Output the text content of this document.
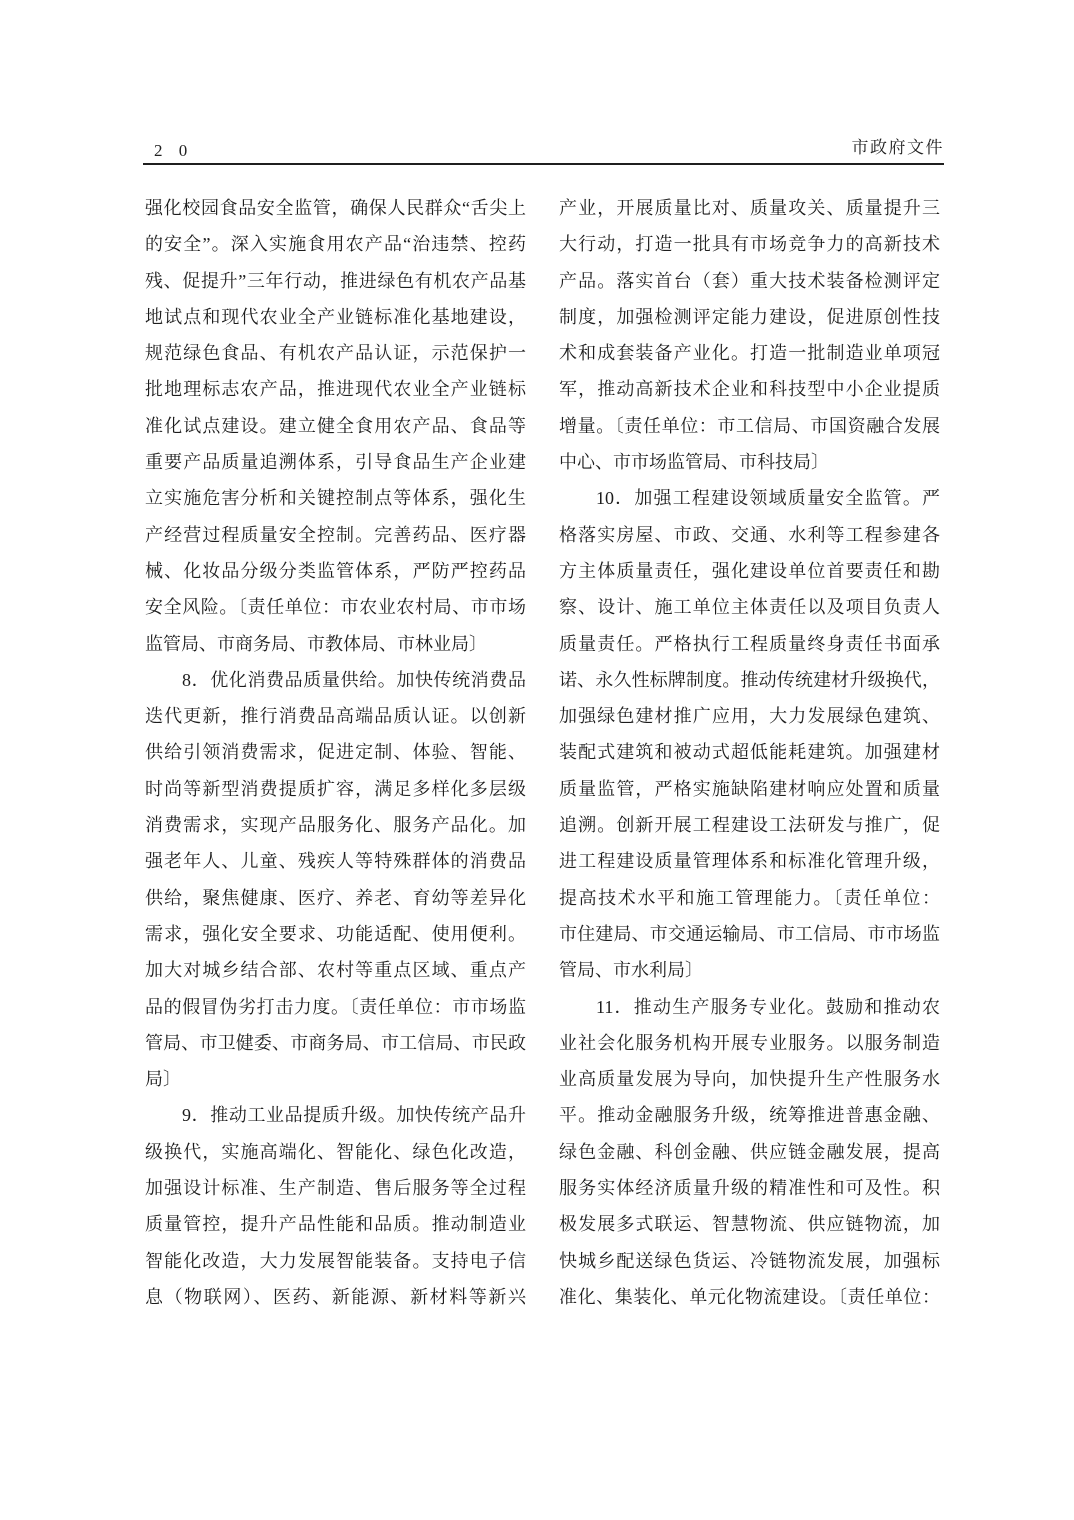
2 0	市政府文件
强化校园食品安全监管，确保人民群众“舌尖上
的安全”。深入实施食用农产品“治违禁、控药
残、促提升”三年行动，推进绿色有机农产品基
地试点和现代农业全产业链标准化基地建设，
规范绿色食品、有机农产品认证，示范保护一
批地理标志农产品，推进现代农业全产业链标
准化试点建设。建立健全食用农产品、食品等
重要产品质量追溯体系，引导食品生产企业建
立实施危害分析和关键控制点等体系，强化生
产经营过程质量安全控制。完善药品、医疗器
械、化妆品分级分类监管体系，严防严控药品
安全风险。〔责任单位：市农业农村局、市市场
监管局、市商务局、市教体局、市林业局〕
8．优化消费品质量供给。加快传统消费品
迭代更新，推行消费品高端品质认证。以创新
供给引领消费需求，促进定制、体验、智能、
时尚等新型消费提质扩容，满足多样化多层级
消费需求，实现产品服务化、服务产品化。加
强老年人、儿童、残疾人等特殊群体的消费品
供给，聚焦健康、医疗、养老、育幼等差异化
需求，强化安全要求、功能适配、使用便利。
加大对城乡结合部、农村等重点区域、重点产
品的假冒伪劣打击力度。〔责任单位：市市场监
管局、市卫健委、市商务局、市工信局、市民政
局〕
9．推动工业品提质升级。加快传统产品升
级换代，实施高端化、智能化、绿色化改造，
加强设计标准、生产制造、售后服务等全过程
质量管控，提升产品性能和品质。推动制造业
智能化改造，大力发展智能装备。支持电子信
息（物联网）、医药、新能源、新材料等新兴
产业，开展质量比对、质量攻关、质量提升三
大行动，打造一批具有市场竞争力的高新技术
产品。落实首台（套）重大技术装备检测评定
制度，加强检测评定能力建设，促进原创性技
术和成套装备产业化。打造一批制造业单项冠
军，推动高新技术企业和科技型中小企业提质
增量。〔责任单位：市工信局、市国资融合发展
中心、市市场监管局、市科技局〕
10．加强工程建设领域质量安全监管。严
格落实房屋、市政、交通、水利等工程参建各
方主体质量责任，强化建设单位首要责任和勘
察、设计、施工单位主体责任以及项目负责人
质量责任。严格执行工程质量终身责任书面承
诺、永久性标牌制度。推动传统建材升级换代，
加强绿色建材推广应用，大力发展绿色建筑、
装配式建筑和被动式超低能耗建筑。加强建材
质量监管，严格实施缺陷建材响应处置和质量
追溯。创新开展工程建设工法研发与推广，促
进工程建设质量管理体系和标准化管理升级，
提高技术水平和施工管理能力。〔责任单位：
市住建局、市交通运输局、市工信局、市市场监
管局、市水利局〕
11．推动生产服务专业化。鼓励和推动农
业社会化服务机构开展专业服务。以服务制造
业高质量发展为导向，加快提升生产性服务水
平。推动金融服务升级，统筹推进普惠金融、
绿色金融、科创金融、供应链金融发展，提高
服务实体经济质量升级的精准性和可及性。积
极发展多式联运、智慧物流、供应链物流，加
快城乡配送绿色货运、冷链物流发展，加强标
准化、集装化、单元化物流建设。〔责任单位：
